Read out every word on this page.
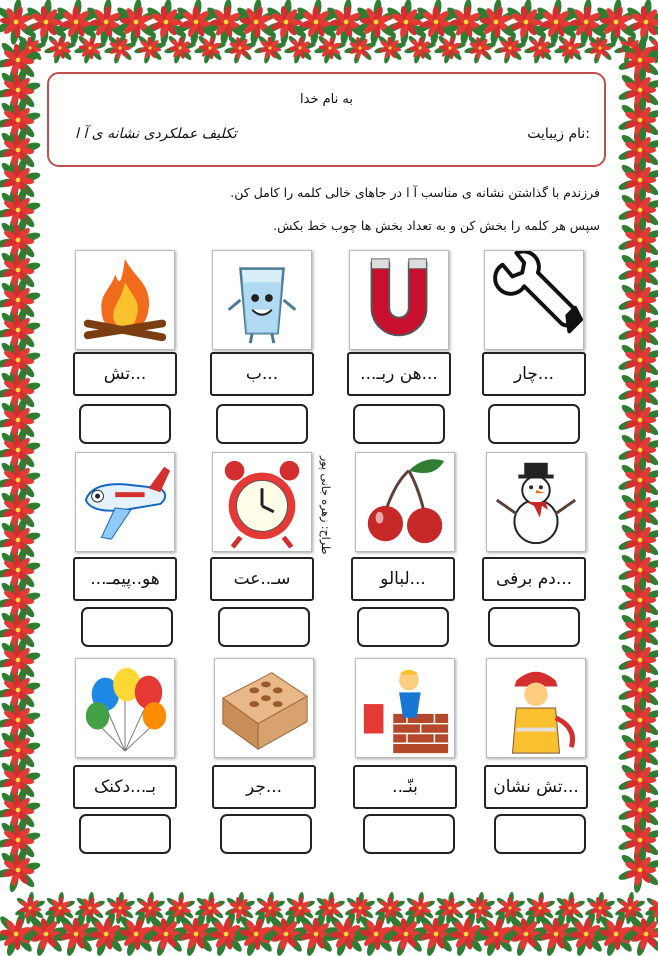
به نام خدا
نام زیبایت:
تکلیف عملکردی نشانه ی آ ا
فرزندم با گذاشتن نشانه ی مناسب آ ا در جاهای خالی کلمه را کامل کن.
سپس هر کلمه را بخش کن و به تعداد بخش ها چوب خط بکش.
طراح: زهره جانی پور
...چار
...هن ربـ...
...ب
...تش
...دم برفی
...لبالو
سـ..عت
هو..پیمـ...
...تش نشان
بنّـ..
...جر
بـ...دکنک
